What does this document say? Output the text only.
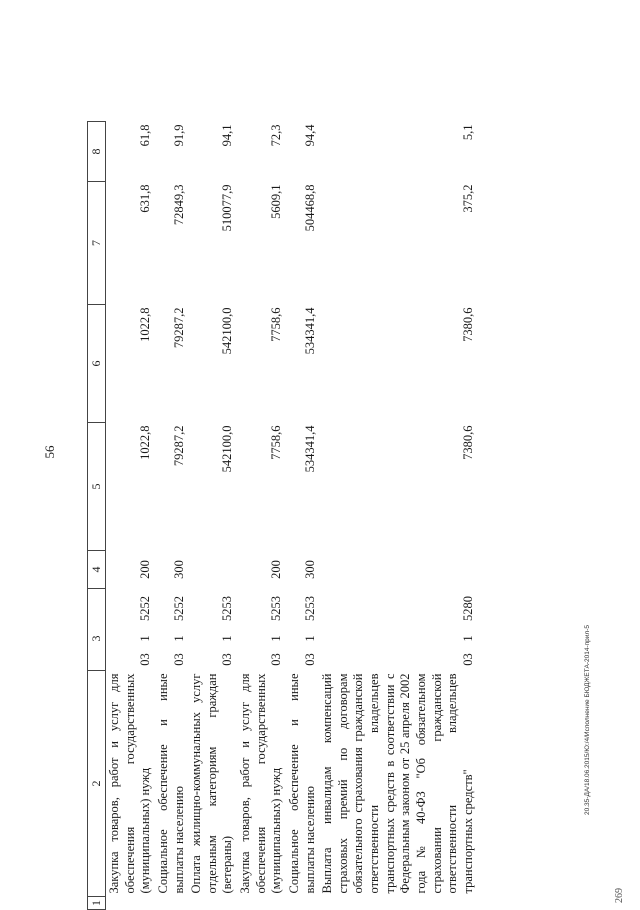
56
1	2		3		4	5	6	7	8
	Закупка товаров, работ и услуг для обеспечения государственных (муниципальных) нужд	03	1	5252	200	1022,8	1022,8	631,8	61,8
	Социальное обеспечение и иные выплаты населению	03	1	5252	300	79287,2	79287,2	72849,3	91,9
	Оплата жилищно-коммунальных услуг отдельным категориям граждан (ветераны)	03	1	5253		542100,0	542100,0	510077,9	94,1
	Закупка товаров, работ и услуг для обеспечения государственных (муниципальных) нужд	03	1	5253	200	7758,6	7758,6	5609,1	72,3
	Социальное обеспечение и иные выплаты населению	03	1	5253	300	534341,4	534341,4	504468,8	94,4
	Выплата инвалидам компенсаций страховых премий по договорам обязательного страхования гражданской ответственности владельцев транспортных средств в соответствии с Федеральным законом от 25 апреля 2002 года № 40-ФЗ "Об обязательном страховании гражданской ответственности владельцев транспортных средств"	03	1	5280		7380,6	7380,6	375,2	5,1
20.35-ДА/18.06.2015/Ю:/4/Исполнение БЮДЖЕТА-2014-прил-5
269
